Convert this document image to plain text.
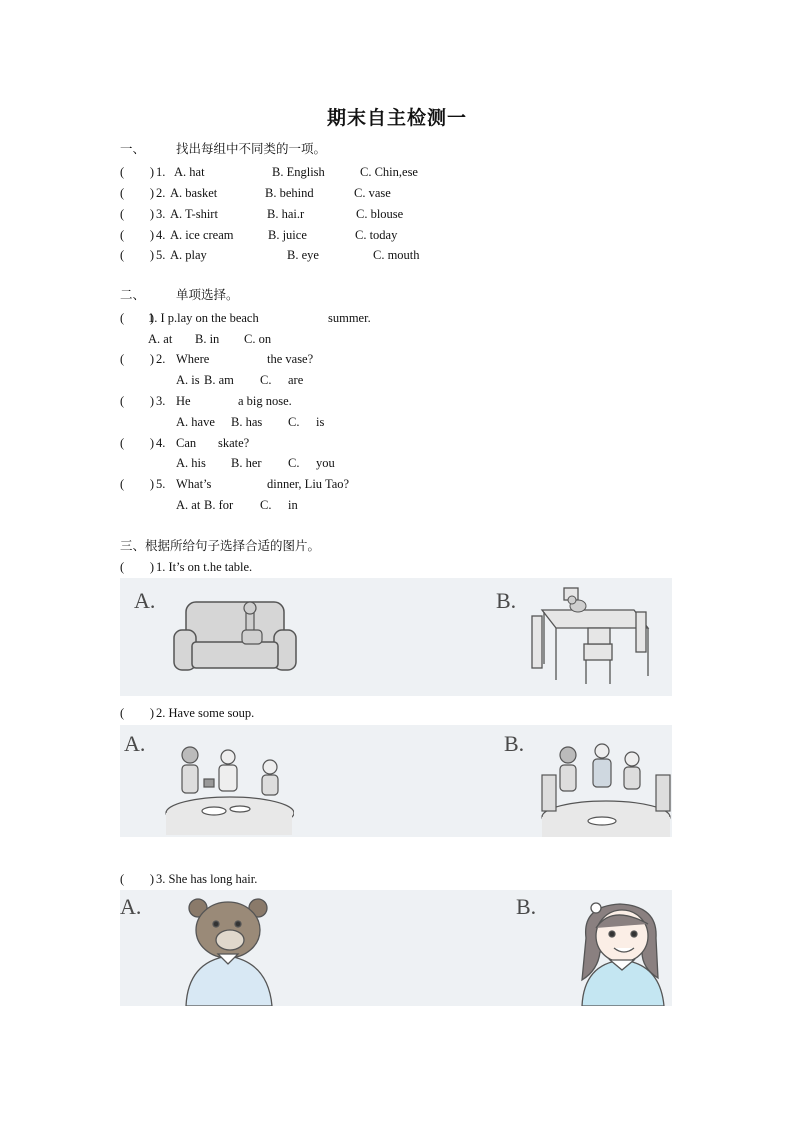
期末自主检测一
一、 找出每组中不同类的一项。
( )
1. A. hat	B. English	C. Chin,ese
( )
2. A. basket	B. behind	C. vase
( )
3. A. T-shirt	B. hai.r	C. blouse
( )
4. A. ice cream	B. juice	C. today
( )
5. A. play	B. eye	C. mouth
二、 单项选择。
( )
1. I p.lay on the beach	summer.
A. at B. in C. on
( )
2. Where	the vase?
A. is B. am C. are
( )
3. He	a big nose.
A. have B. has C. is
( )
4. Can skate?
A. his B. her C. you
( )
5. What’s	dinner, Liu Tao?
A. at B. for C. in
三、根据所给句子选择合适的图片。
( )
1. It’s on t.he table.
A.	B.
( )
2. Have some soup.
A.	B.
( )
3. She has long hair.
A.	B.
